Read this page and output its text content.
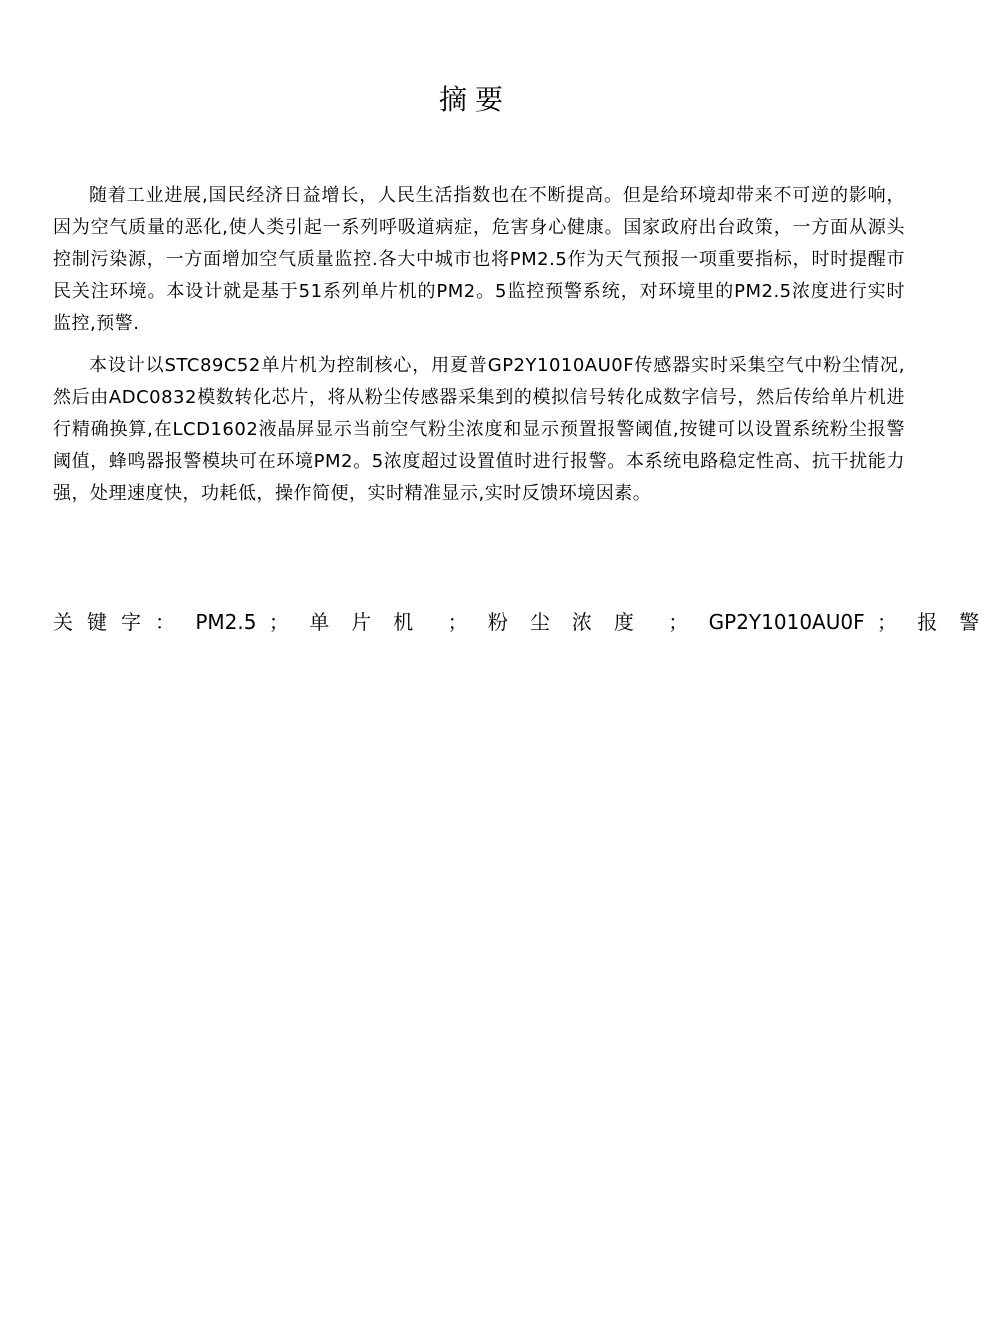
摘要

随着工业进展,国民经济日益增长，人民生活指数也在不断提高。但是给环境却带来不可逆的影响，因为空气质量的恶化,使人类引起一系列呼吸道病症，危害身心健康。国家政府出台政策，一方面从源头控制污染源，一方面增加空气质量监控.各大中城市也将PM2.5作为天气预报一项重要指标，时时提醒市民关注环境。本设计就是基于51系列单片机的PM2。5监控预警系统，对环境里的PM2.5浓度进行实时监控,预警.

本设计以STC89C52单片机为控制核心，用夏普GP2Y1010AU0F传感器实时采集空气中粉尘情况,然后由ADC0832模数转化芯片，将从粉尘传感器采集到的模拟信号转化成数字信号，然后传给单片机进行精确换算,在LCD1602液晶屏显示当前空气粉尘浓度和显示预置报警阈值,按键可以设置系统粉尘报警阈值，蜂鸣器报警模块可在环境PM2。5浓度超过设置值时进行报警。本系统电路稳定性高、抗干扰能力强，处理速度快，功耗低，操作简便，实时精准显示,实时反馈环境因素。

关键字： PM2.5 ； 单片机 ； 粉尘浓度 ； GP2Y1010AU0F ； 报警
